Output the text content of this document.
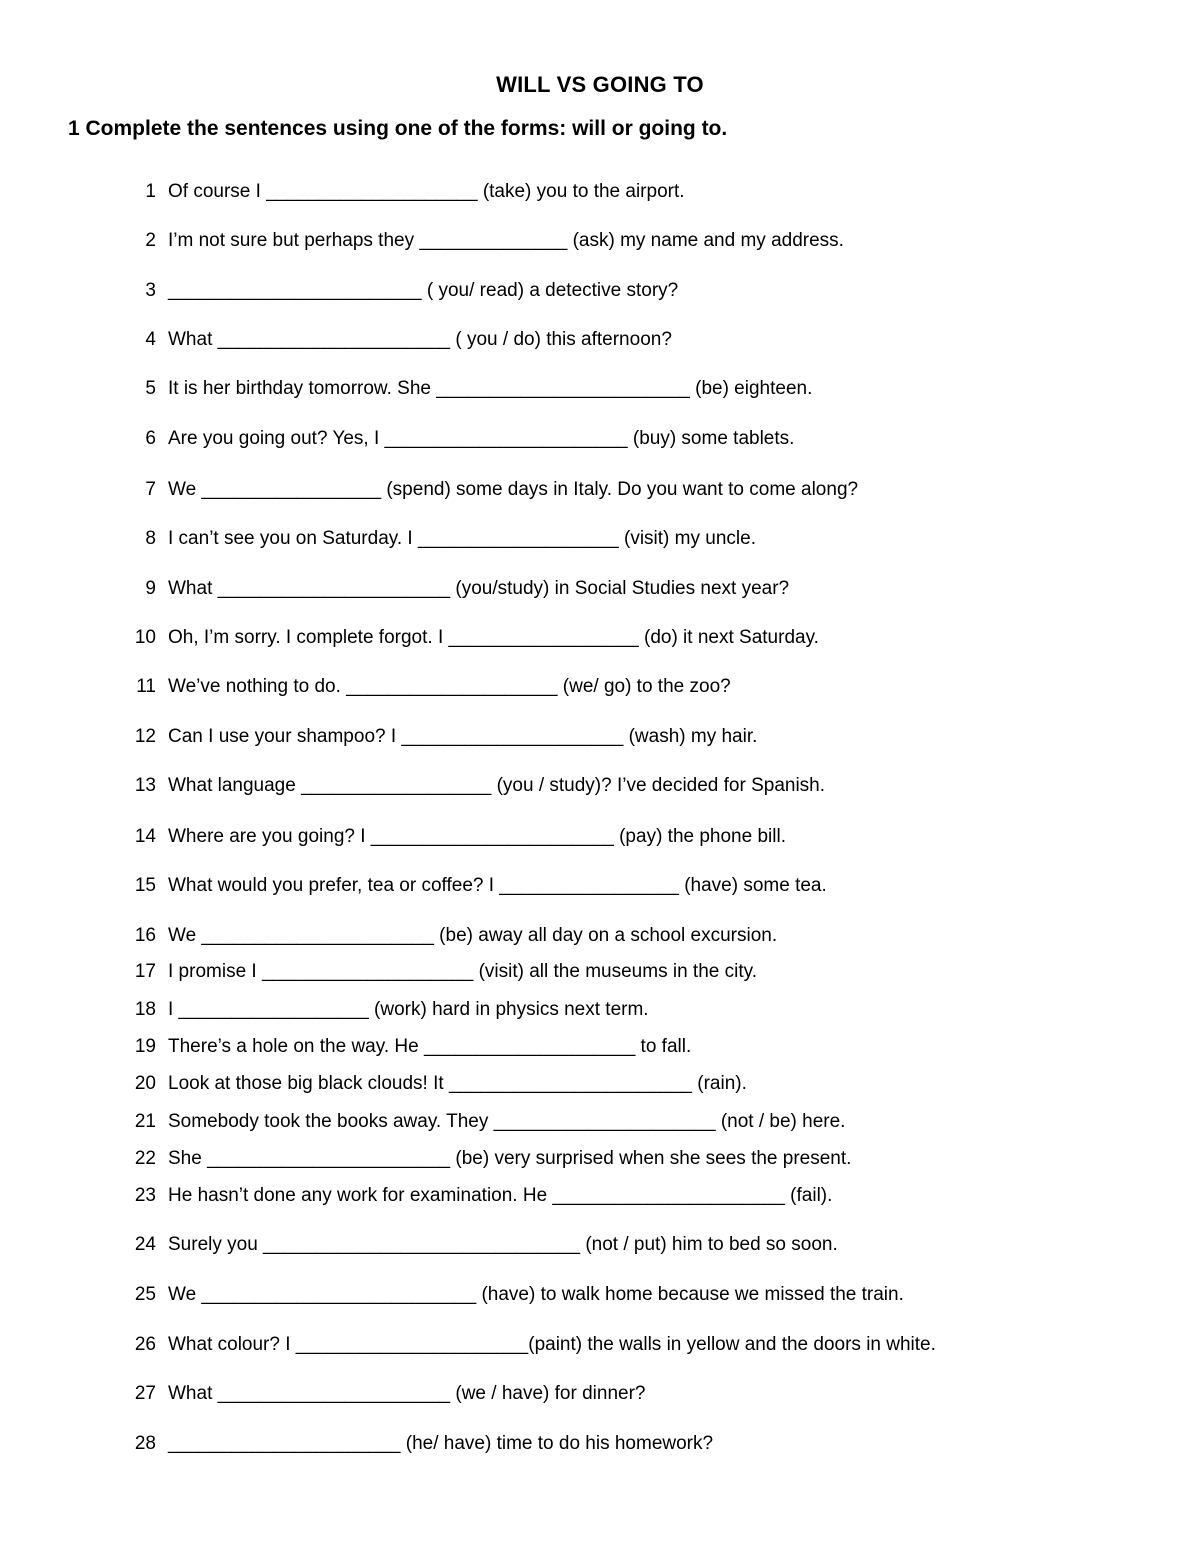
WILL VS GOING TO
1 Complete the sentences using one of the forms: will or going to.
1 Of course I ____________________ (take) you to the airport.
2 I’m not sure but perhaps they ______________ (ask) my name and my address.
3 ________________________ ( you/ read) a detective story?
4 What ______________________ ( you / do) this afternoon?
5 It is her birthday tomorrow. She ________________________ (be) eighteen.
6 Are you going out? Yes, I _______________________ (buy) some tablets.
7 We _________________ (spend) some days in Italy. Do you want to come along?
8 I can’t see you on Saturday. I ___________________ (visit) my uncle.
9 What ______________________ (you/study) in Social Studies next year?
10 Oh, I’m sorry. I complete forgot. I __________________ (do) it next Saturday.
11 We’ve nothing to do. ____________________ (we/ go) to the zoo?
12 Can I use your shampoo? I _____________________ (wash) my hair.
13 What language __________________ (you / study)? I’ve decided for Spanish.
14 Where are you going? I _______________________ (pay) the phone bill.
15 What would you prefer, tea or coffee? I _________________ (have) some tea.
16 We ______________________ (be) away all day on a school excursion.
17 I promise I ____________________ (visit) all the museums in the city.
18 I __________________ (work) hard in physics next term.
19 There’s a hole on the way. He ____________________ to fall.
20 Look at those big black clouds! It _______________________ (rain).
21 Somebody took the books away. They _____________________ (not / be) here.
22 She _______________________ (be) very surprised when she sees the present.
23 He hasn’t done any work for examination. He ______________________ (fail).
24 Surely you ______________________________ (not / put) him to bed so soon.
25 We __________________________ (have) to walk home because we missed the train.
26 What colour? I ______________________(paint) the walls in yellow and the doors in white.
27 What ______________________ (we / have) for dinner?
28 ______________________ (he/ have) time to do his homework?
